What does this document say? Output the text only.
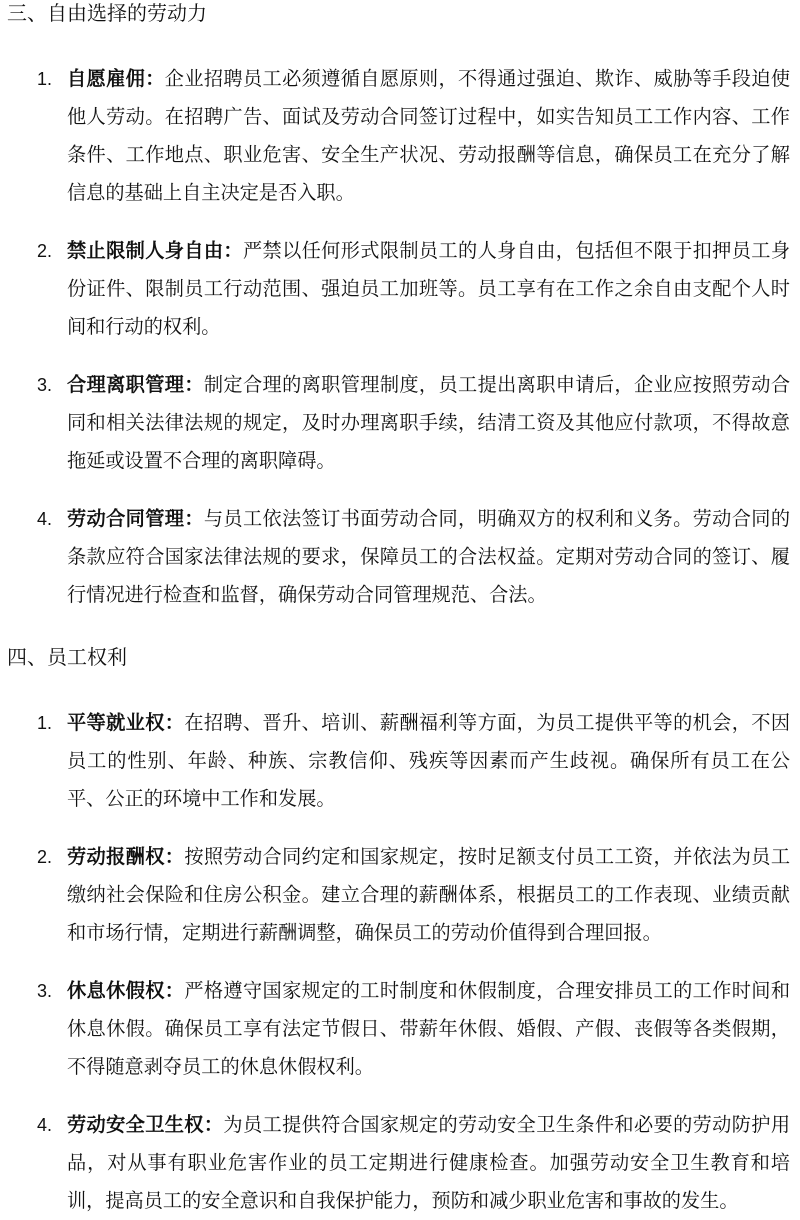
三、自由选择的劳动力
1. 自愿雇佣：企业招聘员工必须遵循自愿原则，不得通过强迫、欺诈、威胁等手段迫使他人劳动。在招聘广告、面试及劳动合同签订过程中，如实告知员工工作内容、工作条件、工作地点、职业危害、安全生产状况、劳动报酬等信息，确保员工在充分了解信息的基础上自主决定是否入职。
2. 禁止限制人身自由：严禁以任何形式限制员工的人身自由，包括但不限于扣押员工身份证件、限制员工行动范围、强迫员工加班等。员工享有在工作之余自由支配个人时间和行动的权利。
3. 合理离职管理：制定合理的离职管理制度，员工提出离职申请后，企业应按照劳动合同和相关法律法规的规定，及时办理离职手续，结清工资及其他应付款项，不得故意拖延或设置不合理的离职障碍。
4. 劳动合同管理：与员工依法签订书面劳动合同，明确双方的权利和义务。劳动合同的条款应符合国家法律法规的要求，保障员工的合法权益。定期对劳动合同的签订、履行情况进行检查和监督，确保劳动合同管理规范、合法。
四、员工权利
1. 平等就业权：在招聘、晋升、培训、薪酬福利等方面，为员工提供平等的机会，不因员工的性别、年龄、种族、宗教信仰、残疾等因素而产生歧视。确保所有员工在公平、公正的环境中工作和发展。
2. 劳动报酬权：按照劳动合同约定和国家规定，按时足额支付员工工资，并依法为员工缴纳社会保险和住房公积金。建立合理的薪酬体系，根据员工的工作表现、业绩贡献和市场行情，定期进行薪酬调整，确保员工的劳动价值得到合理回报。
3. 休息休假权：严格遵守国家规定的工时制度和休假制度，合理安排员工的工作时间和休息休假。确保员工享有法定节假日、带薪年休假、婚假、产假、丧假等各类假期，不得随意剥夺员工的休息休假权利。
4. 劳动安全卫生权：为员工提供符合国家规定的劳动安全卫生条件和必要的劳动防护用品，对从事有职业危害作业的员工定期进行健康检查。加强劳动安全卫生教育和培训，提高员工的安全意识和自我保护能力，预防和减少职业危害和事故的发生。
